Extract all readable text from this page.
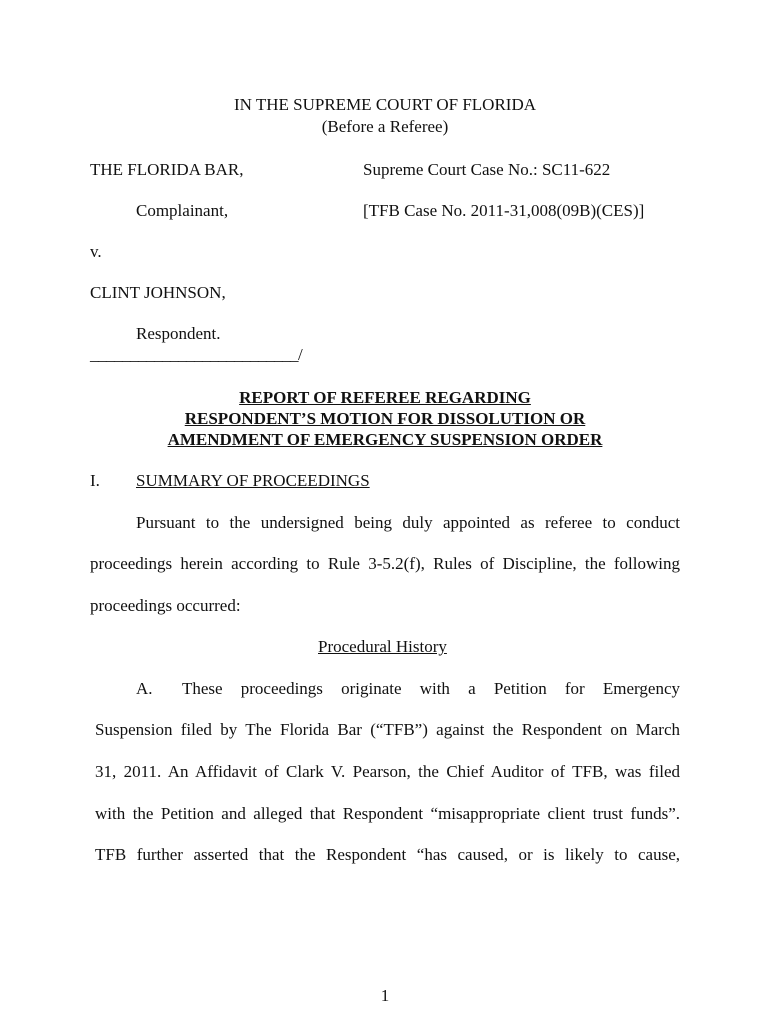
IN THE SUPREME COURT OF FLORIDA
(Before a Referee)
THE FLORIDA BAR,	Supreme Court Case No.: SC11-622
Complainant,	[TFB Case No. 2011-31,008(09B)(CES)]
v.
CLINT JOHNSON,
Respondent.
__________________________/
REPORT OF REFEREE REGARDING
RESPONDENT’S MOTION FOR DISSOLUTION OR
AMENDMENT OF EMERGENCY SUSPENSION ORDER
I. SUMMARY OF PROCEEDINGS
Pursuant to the undersigned being duly appointed as referee to conduct
proceedings herein according to Rule 3-5.2(f), Rules of Discipline, the following
proceedings occurred:
Procedural History
A. These proceedings originate with a Petition for Emergency
Suspension filed by The Florida Bar (“TFB”) against the Respondent on March
31, 2011. An Affidavit of Clark V. Pearson, the Chief Auditor of TFB, was filed
with the Petition and alleged that Respondent “misappropriate client trust funds”.
TFB further asserted that the Respondent “has caused, or is likely to cause,
1
